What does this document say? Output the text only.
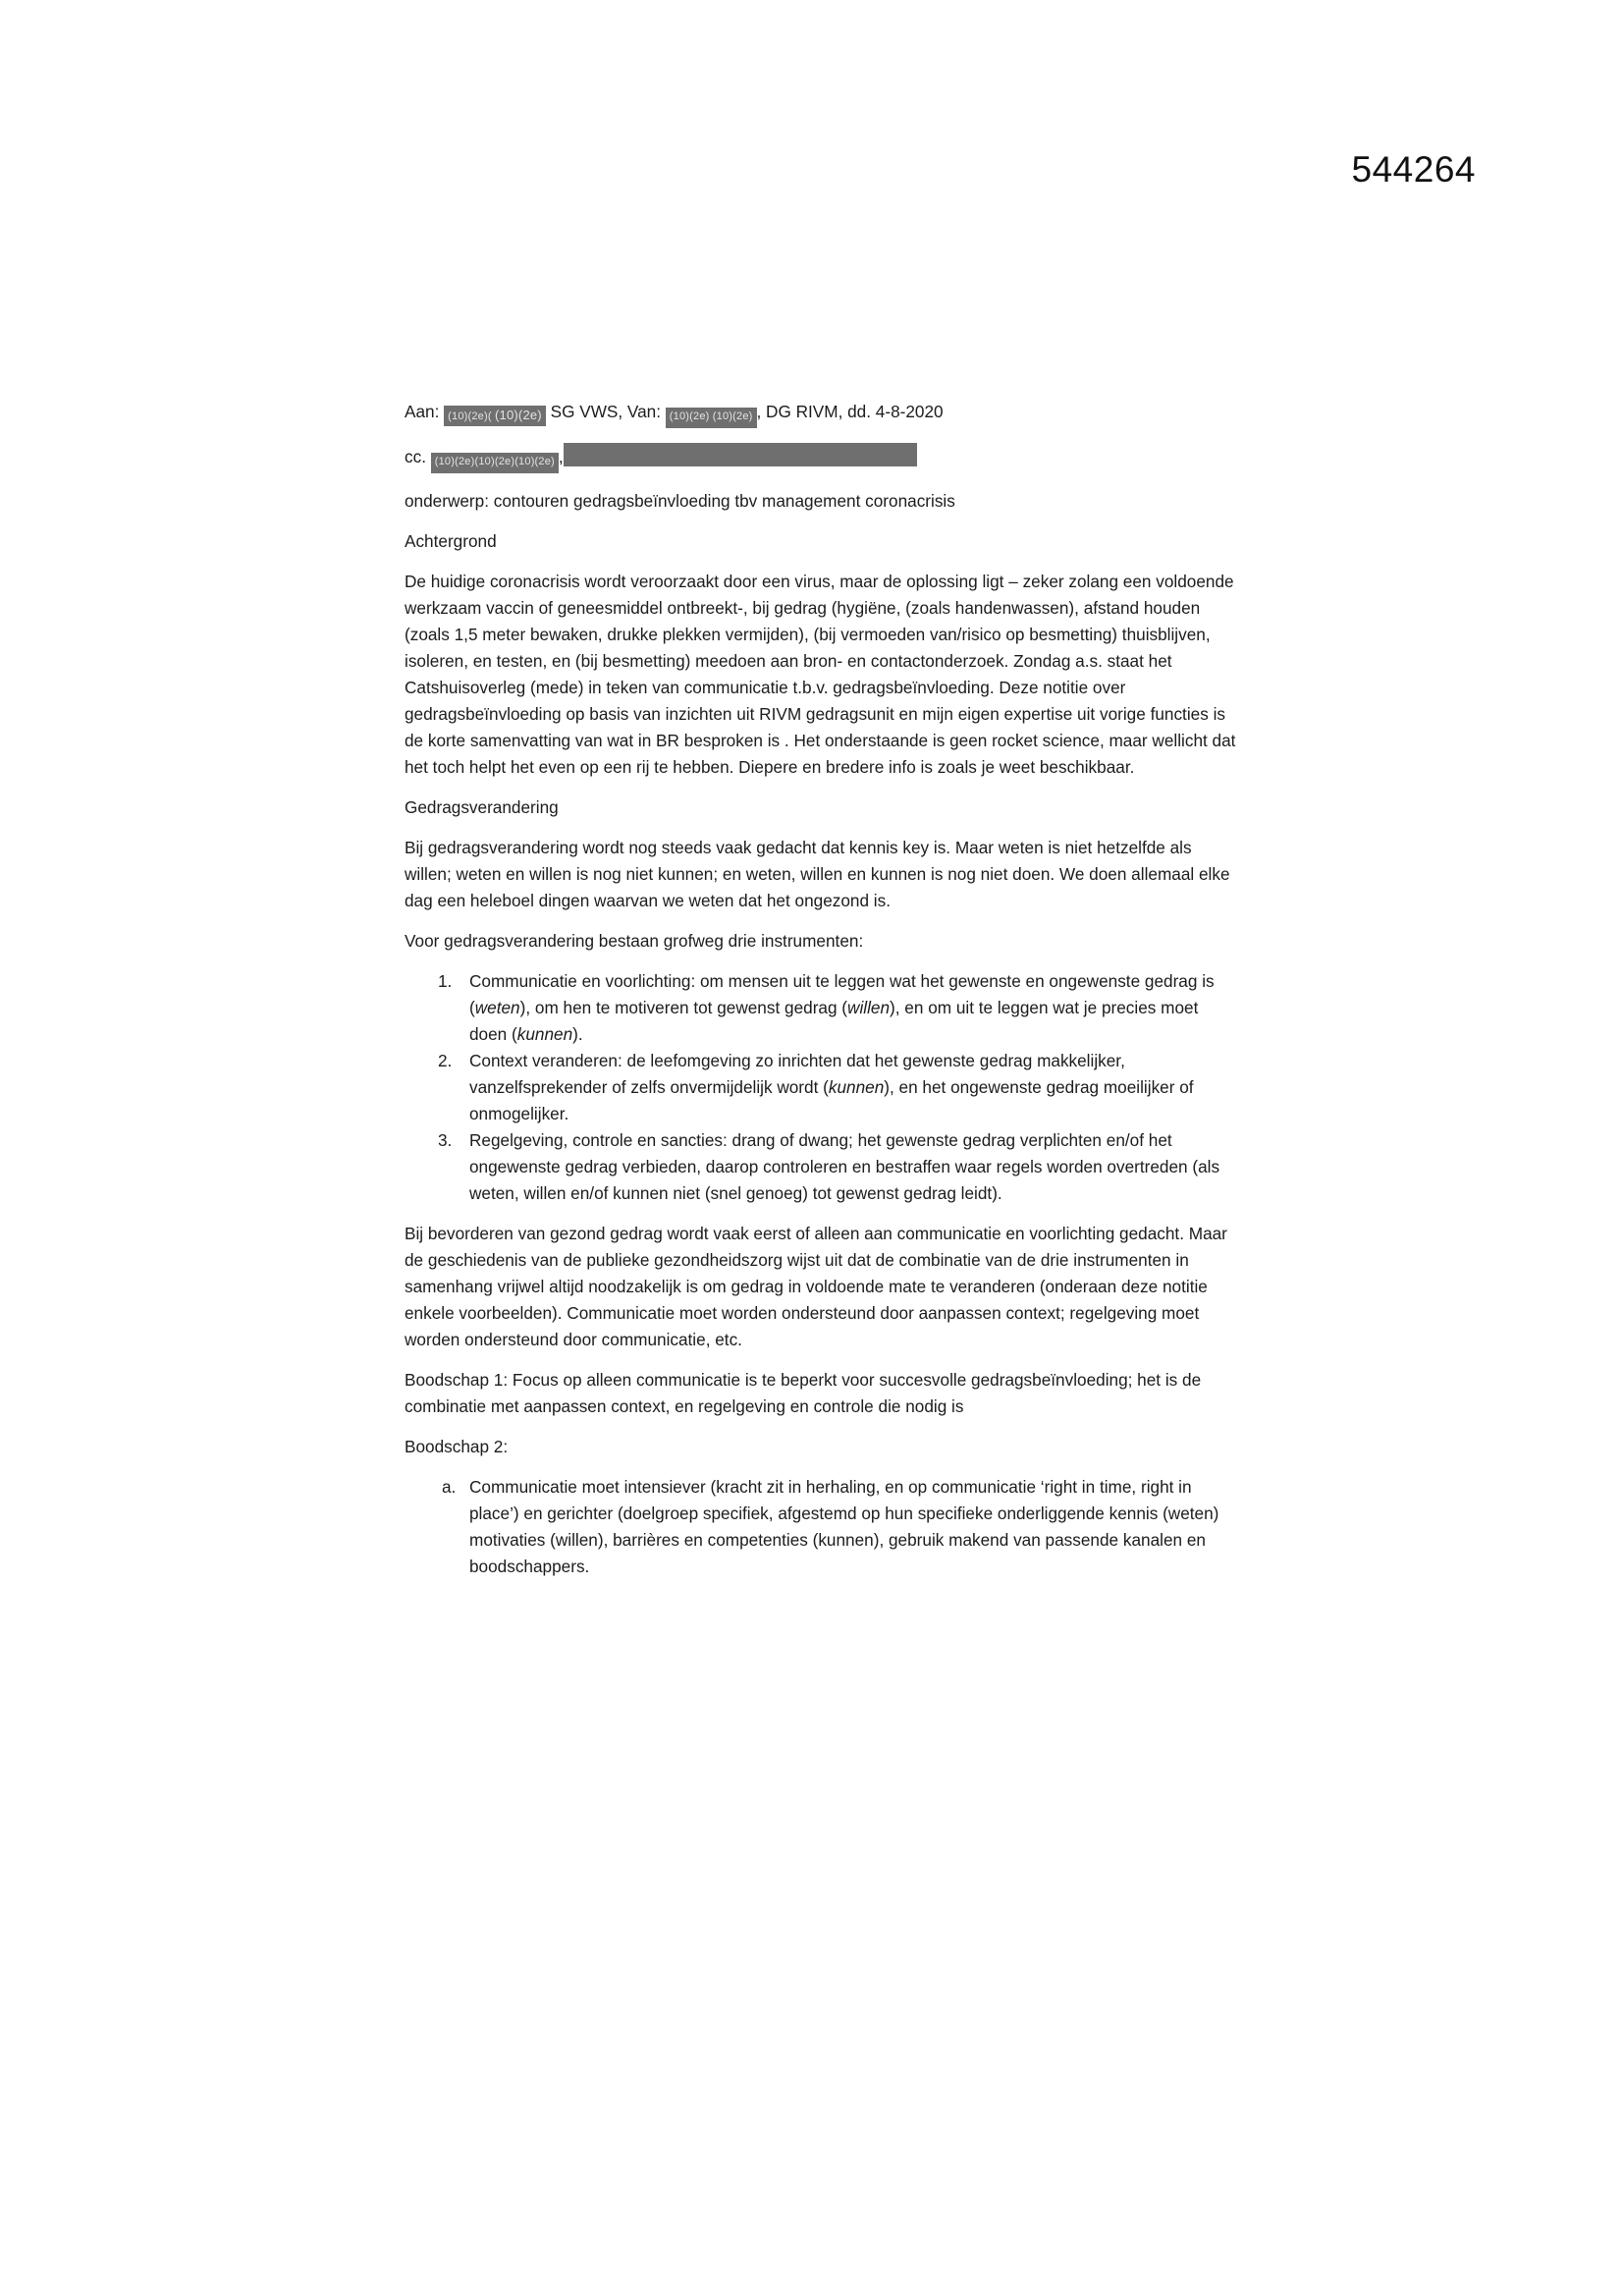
544264

Aan: (10)(2e)( (10)(2e) SG VWS, Van: (10)(2e) (10)(2e) , DG RIVM, dd. 4-8-2020

cc. (10)(2e)(10)(2e)(10)(2e) ,

onderwerp: contouren gedragsbeïnvloeding tbv management coronacrisis

Achtergrond

De huidige coronacrisis wordt veroorzaakt door een virus, maar de oplossing ligt – zeker zolang een voldoende werkzaam vaccin of geneesmiddel ontbreekt-, bij gedrag (hygiëne, (zoals handenwassen), afstand houden (zoals 1,5 meter bewaken, drukke plekken vermijden), (bij vermoeden van/risico op besmetting) thuisblijven, isoleren, en testen, en (bij besmetting) meedoen aan bron- en contactonderzoek. Zondag a.s. staat het Catshuisoverleg (mede) in teken van communicatie t.b.v. gedragsbeïnvloeding. Deze notitie over gedragsbeïnvloeding op basis van inzichten uit RIVM gedragsunit en mijn eigen expertise uit vorige functies is de korte samenvatting van wat in BR besproken is . Het onderstaande is geen rocket science, maar wellicht dat het toch helpt het even op een rij te hebben. Diepere en bredere info is zoals je weet beschikbaar.

Gedragsverandering

Bij gedragsverandering wordt nog steeds vaak gedacht dat kennis key is. Maar weten is niet hetzelfde als willen; weten en willen is nog niet kunnen; en weten, willen en kunnen is nog niet doen. We doen allemaal elke dag een heleboel dingen waarvan we weten dat het ongezond is.

Voor gedragsverandering bestaan grofweg drie instrumenten:

1. Communicatie en voorlichting: om mensen uit te leggen wat het gewenste en ongewenste gedrag is (weten), om hen te motiveren tot gewenst gedrag (willen), en om uit te leggen wat je precies moet doen (kunnen).
2. Context veranderen: de leefomgeving zo inrichten dat het gewenste gedrag makkelijker, vanzelfsprekender of zelfs onvermijdelijk wordt (kunnen), en het ongewenste gedrag moeilijker of onmogelijker.
3. Regelgeving, controle en sancties: drang of dwang; het gewenste gedrag verplichten en/of het ongewenste gedrag verbieden, daarop controleren en bestraffen waar regels worden overtreden (als weten, willen en/of kunnen niet (snel genoeg) tot gewenst gedrag leidt).

Bij bevorderen van gezond gedrag wordt vaak eerst of alleen aan communicatie en voorlichting gedacht. Maar de geschiedenis van de publieke gezondheidszorg wijst uit dat de combinatie van de drie instrumenten in samenhang vrijwel altijd noodzakelijk is om gedrag in voldoende mate te veranderen (onderaan deze notitie enkele voorbeelden). Communicatie moet worden ondersteund door aanpassen context; regelgeving moet worden ondersteund door communicatie, etc.

Boodschap 1: Focus op alleen communicatie is te beperkt voor succesvolle gedragsbeïnvloeding; het is de combinatie met aanpassen context, en regelgeving en controle die nodig is

Boodschap 2:

a. Communicatie moet intensiever (kracht zit in herhaling, en op communicatie ‘right in time, right in place’) en gerichter (doelgroep specifiek, afgestemd op hun specifieke onderliggende kennis (weten) motivaties (willen), barrières en competenties (kunnen), gebruik makend van passende kanalen en boodschappers.
